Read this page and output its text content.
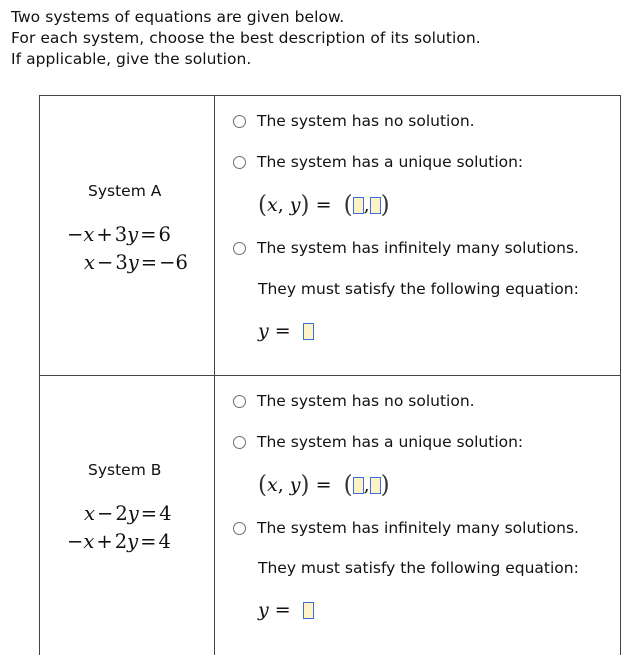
Two systems of equations are given below.
For each system, choose the best description of its solution.
If applicable, give the solution.
System A
−x + 3y = 6
x − 3y = −6
The system has no solution.
The system has a unique solution:
( x , y )
=
( , )
The system has infinitely many solutions.
They must satisfy the following equation:
y
=

System B
x − 2y = 4
−x + 2y = 4
The system has no solution.
The system has a unique solution:
( x , y )
=
( , )
The system has infinitely many solutions.
They must satisfy the following equation:
y
=
